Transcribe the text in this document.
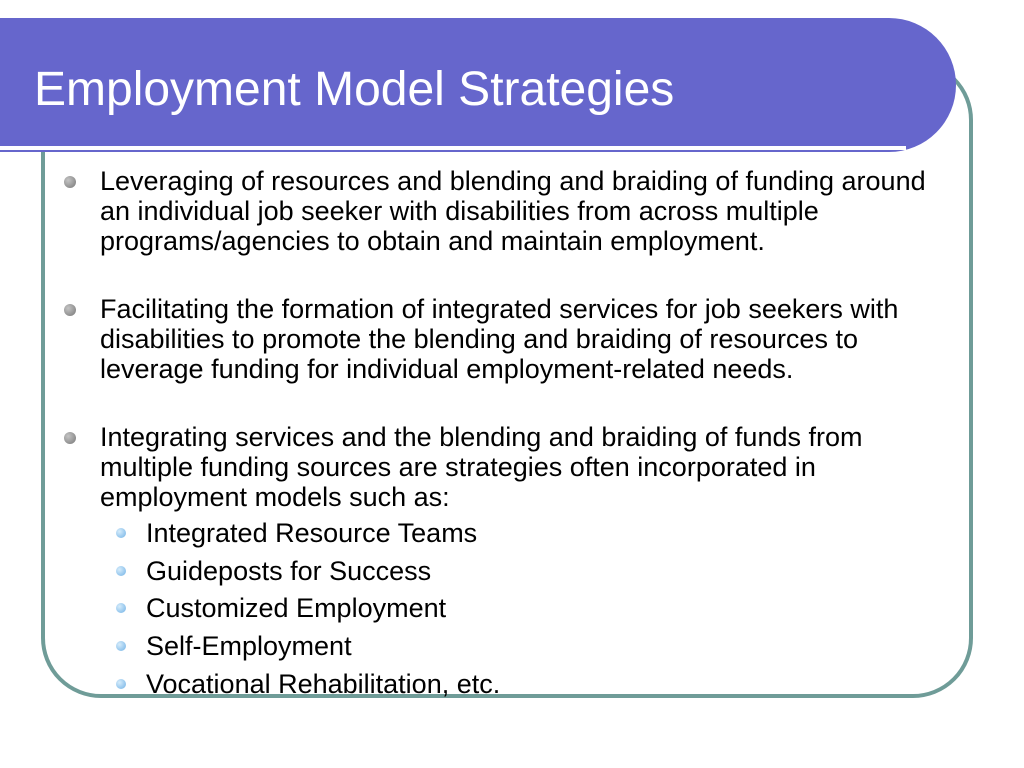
Employment Model Strategies
Leveraging of resources and blending and braiding of funding around an individual job seeker with disabilities from across multiple programs/agencies to obtain and maintain employment.
Facilitating the formation of integrated services for job seekers with disabilities to promote the blending and braiding of resources to leverage funding for individual employment-related needs.
Integrating services and the blending and braiding of funds from multiple funding sources are strategies often incorporated in employment models such as:
Integrated Resource Teams
Guideposts for Success
Customized Employment
Self-Employment
Vocational Rehabilitation, etc.
